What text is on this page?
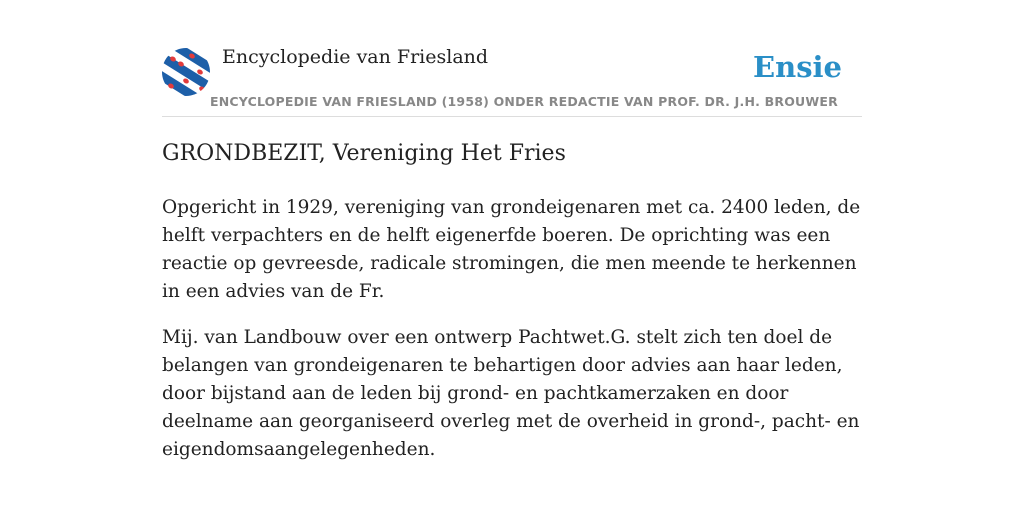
Encyclopedie van Friesland
ENCYCLOPEDIE VAN FRIESLAND (1958) ONDER REDACTIE VAN PROF. DR. J.H. BROUWER
Ensie
GRONDBEZIT, Vereniging Het Fries

Opgericht in 1929, vereniging van grondeigenaren met ca. 2400 leden, de helft verpachters en de helft eigenerfde boeren. De oprichting was een reactie op gevreesde, radicale stromingen, die men meende te herkennen in een advies van de Fr.

Mij. van Landbouw over een ontwerp Pachtwet.G. stelt zich ten doel de belangen van grondeigenaren te behartigen door advies aan haar leden, door bijstand aan de leden bij grond- en pachtkamerzaken en door deelname aan georganiseerd overleg met de overheid in grond-, pacht- en eigendomsaangelegenheden.
